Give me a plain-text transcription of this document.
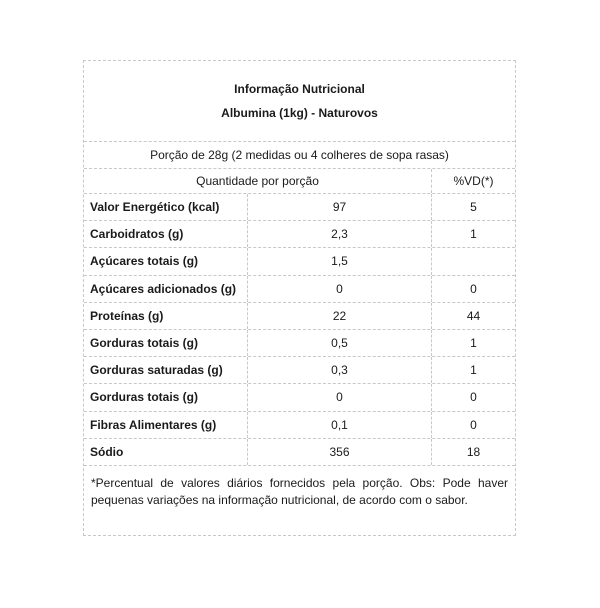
Informação Nutricional
Albumina (1kg) - Naturovos
Porção de 28g (2 medidas ou 4 colheres de sopa rasas)
Quantidade por porção	%VD(*)
Valor Energético (kcal)	97	5
Carboidratos (g)	2,3	1
Açúcares totais (g)	1,5
Açúcares adicionados (g)	0	0
Proteínas (g)	22	44
Gorduras totais (g)	0,5	1
Gorduras saturadas (g)	0,3	1
Gorduras totais (g)	0	0
Fibras Alimentares (g)	0,1	0
Sódio	356	18
*Percentual de valores diários fornecidos pela porção. Obs: Pode haver pequenas variações na informação nutricional, de acordo com o sabor.
